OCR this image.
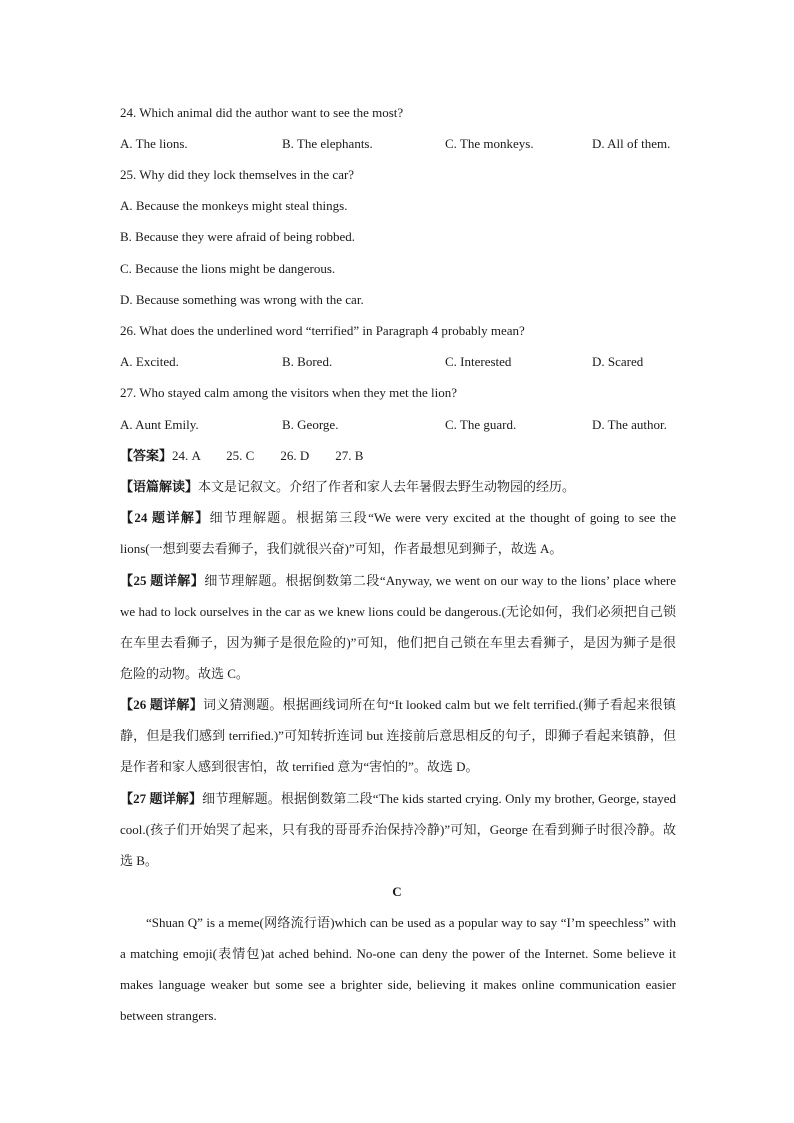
24. Which animal did the author want to see the most?
A. The lions.	B. The elephants.	C. The monkeys.	D. All of them.
25. Why did they lock themselves in the car?
A. Because the monkeys might steal things.
B. Because they were afraid of being robbed.
C. Because the lions might be dangerous.
D. Because something was wrong with the car.
26. What does the underlined word “terrified” in Paragraph 4 probably mean?
A. Excited.	B. Bored.	C. Interested	D. Scared
27. Who stayed calm among the visitors when they met the lion?
A. Aunt Emily.	B. George.	C. The guard.	D. The author.
【答案】24. A        25. C        26. D        27. B
【语篇解读】本文是记叙文。介绍了作者和家人去年暑假去野生动物园的经历。
【24 题详解】细节理解题。根据第三段“We were very excited at the thought of going to see the lions(一想到要去看狮子，我们就很兴奋)”可知，作者最想见到狮子，故选 A。
【25 题详解】细节理解题。根据倒数第二段“Anyway, we went on our way to the lions’ place where we had to lock ourselves in the car as we knew lions could be dangerous.(无论如何，我们必须把自己锁在车里去看狮子，因为狮子是很危险的)”可知，他们把自己锁在车里去看狮子，是因为狮子是很危险的动物。故选 C。
【26 题详解】词义猜测题。根据画线词所在句“It looked calm but we felt terrified.(狮子看起来很镇静，但是我们感到 terrified.)”可知转折连词 but 连接前后意思相反的句子，即狮子看起来镇静，但是作者和家人感到很害怕，故 terrified 意为“害怕的”。故选 D。
【27 题详解】细节理解题。根据倒数第二段“The kids started crying. Only my brother, George, stayed cool.(孩子们开始哭了起来，只有我的哥哥乔治保持冷静)”可知，George 在看到狮子时很冷静。故选 B。
C
“Shuan Q” is a meme(网络流行语)which can be used as a popular way to say “I’m speechless” with a matching emoji(表情包)at ached behind. No-one can deny the power of the Internet. Some believe it makes language weaker but some see a brighter side, believing it makes online communication easier between strangers.
